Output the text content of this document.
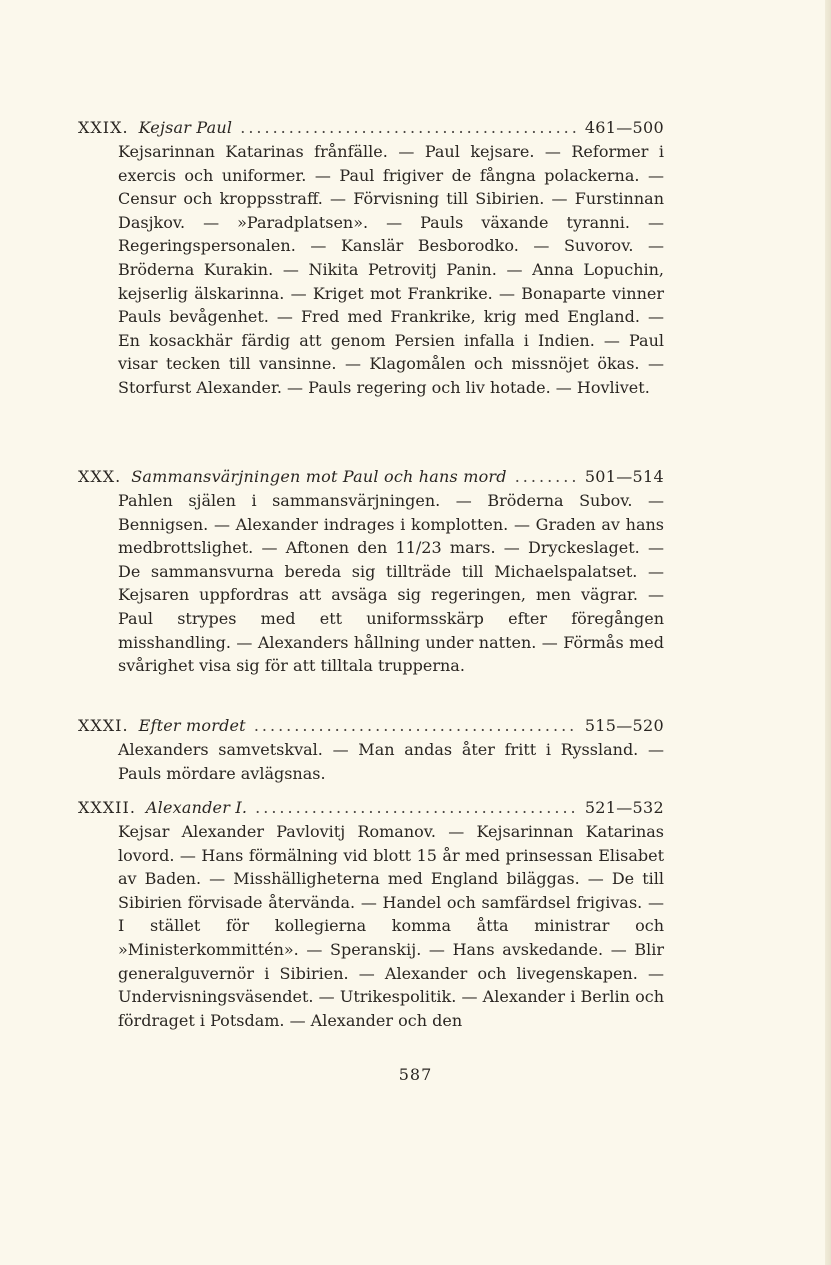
XXIX. Kejsar Paul .....	461—500
Kejsarinnan Katarinas frånfälle. — Paul kejsare. — Reformer i exercis och uniformer. — Paul frigiver de fångna polackerna. — Censur och kroppsstraff. — Förvisning till Sibirien. — Furstinnan Dasjkov. — »Paradplatsen». — Pauls växande tyranni. — Regeringspersonalen. — Kanslär Besborodko. — Suvorov. — Bröderna Kurakin. — Nikita Petrovitj Panin. — Anna Lopuchin, kejserlig älskarinna. — Kriget mot Frankrike. — Bonaparte vinner Pauls bevågenhet. — Fred med Frankrike, krig med England. — En kosackhär färdig att genom Persien infalla i Indien. — Paul visar tecken till vansinne. — Klagomålen och missnöjet ökas. — Storfurst Alexander. — Pauls regering och liv hotade. — Hovlivet.
XXX. Sammansvärjningen mot Paul och hans mord .....	501—514
Pahlen själen i sammansvärjningen. — Bröderna Subov. — Bennigsen. — Alexander indrages i komplotten. — Graden av hans medbrottslighet. — Aftonen den 11/23 mars. — Dryckeslaget. — De sammansvurna bereda sig tillträde till Michaelspalatset. — Kejsaren uppfordras att avsäga sig regeringen, men vägrar. — Paul strypes med ett uniformsskärp efter föregången misshandling. — Alexanders hållning under natten. — Förmås med svårighet visa sig för att tilltala trupperna.
XXXI. Efter mordet .....	515—520
Alexanders samvetskval. — Man andas åter fritt i Ryssland. — Pauls mördare avlägsnas.
XXXII. Alexander I. .....	521—532
Kejsar Alexander Pavlovitj Romanov. — Kejsarinnan Katarinas lovord. — Hans förmälning vid blott 15 år med prinsessan Elisabet av Baden. — Misshälligheterna med England biläggas. — De till Sibirien förvisade återvända. — Handel och samfärdsel frigivas. — I stället för kollegierna komma åtta ministrar och »Ministerkommittén». — Speranskij. — Hans avskedande. — Blir generalguvernör i Sibirien. — Alexander och livegenskapen. — Undervisningsväsendet. — Utrikespolitik. — Alexander i Berlin och fördraget i Potsdam. — Alexander och den
587
